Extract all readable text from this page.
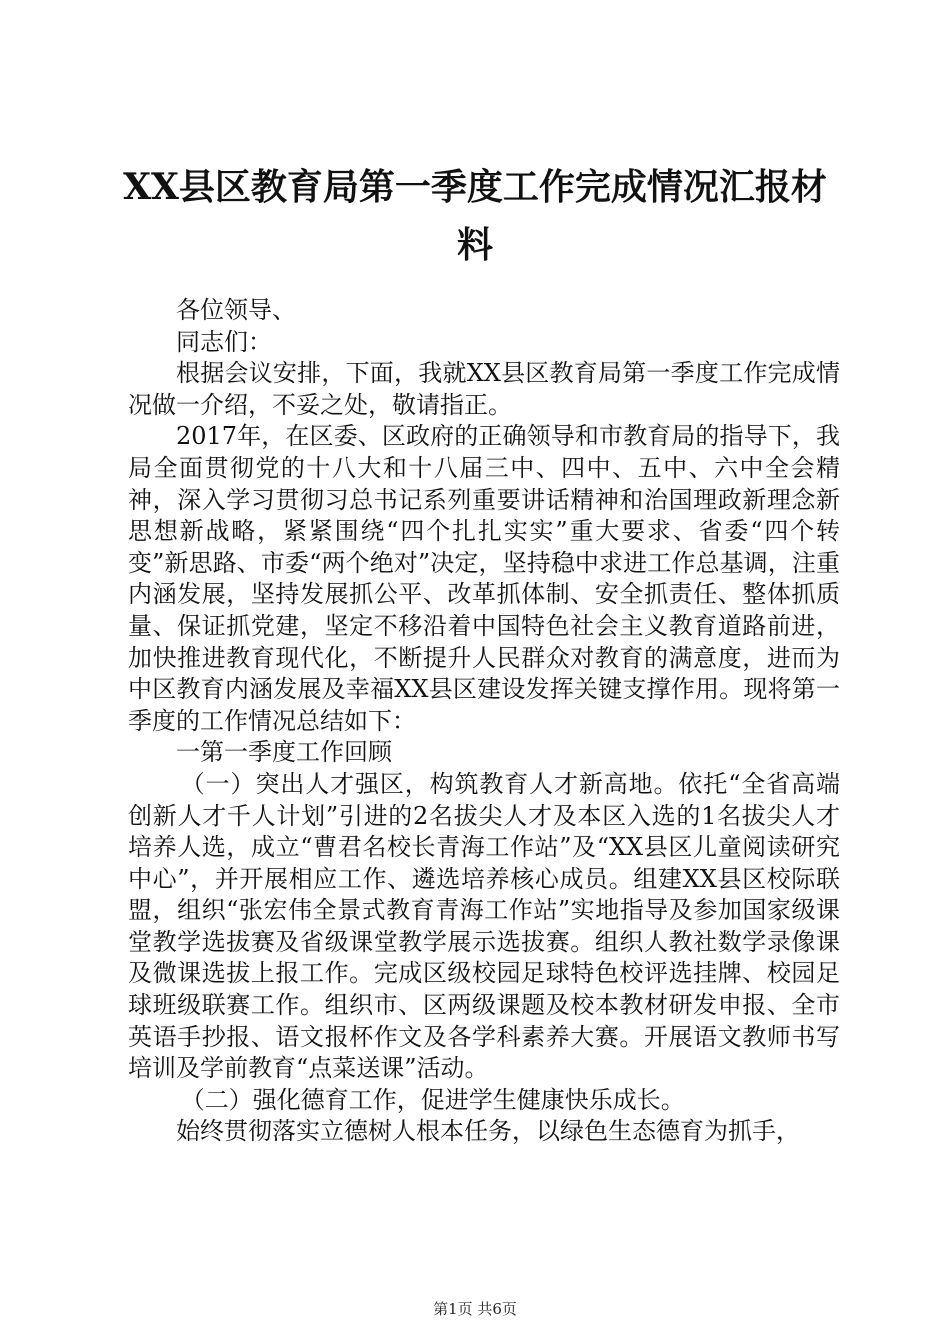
XX县区教育局第一季度工作完成情况汇报材料

各位领导、

同志们：

根据会议安排，下面，我就XX县区教育局第一季度工作完成情况做一介绍，不妥之处，敬请指正。

2017年，在区委、区政府的正确领导和市教育局的指导下，我局全面贯彻党的十八大和十八届三中、四中、五中、六中全会精神，深入学习贯彻习总书记系列重要讲话精神和治国理政新理念新思想新战略，紧紧围绕“四个扎扎实实”重大要求、省委“四个转变”新思路、市委“两个绝对”决定，坚持稳中求进工作总基调，注重内涵发展，坚持发展抓公平、改革抓体制、安全抓责任、整体抓质量、保证抓党建，坚定不移沿着中国特色社会主义教育道路前进，加快推进教育现代化，不断提升人民群众对教育的满意度，进而为中区教育内涵发展及幸福XX县区建设发挥关键支撑作用。现将第一季度的工作情况总结如下：

一第一季度工作回顾

（一）突出人才强区，构筑教育人才新高地。依托“全省高端创新人才千人计划”引进的2名拔尖人才及本区入选的1名拔尖人才培养人选，成立“曹君名校长青海工作站”及“XX县区儿童阅读研究中心”，并开展相应工作、遴选培养核心成员。组建XX县区校际联盟，组织“张宏伟全景式教育青海工作站”实地指导及参加国家级课堂教学选拔赛及省级课堂教学展示选拔赛。组织人教社数学录像课及微课选拔上报工作。完成区级校园足球特色校评选挂牌、校园足球班级联赛工作。组织市、区两级课题及校本教材研发申报、全市英语手抄报、语文报杯作文及各学科素养大赛。开展语文教师书写培训及学前教育“点菜送课”活动。

（二）强化德育工作，促进学生健康快乐成长。

始终贯彻落实立德树人根本任务，以绿色生态德育为抓手，

第1页 共6页
